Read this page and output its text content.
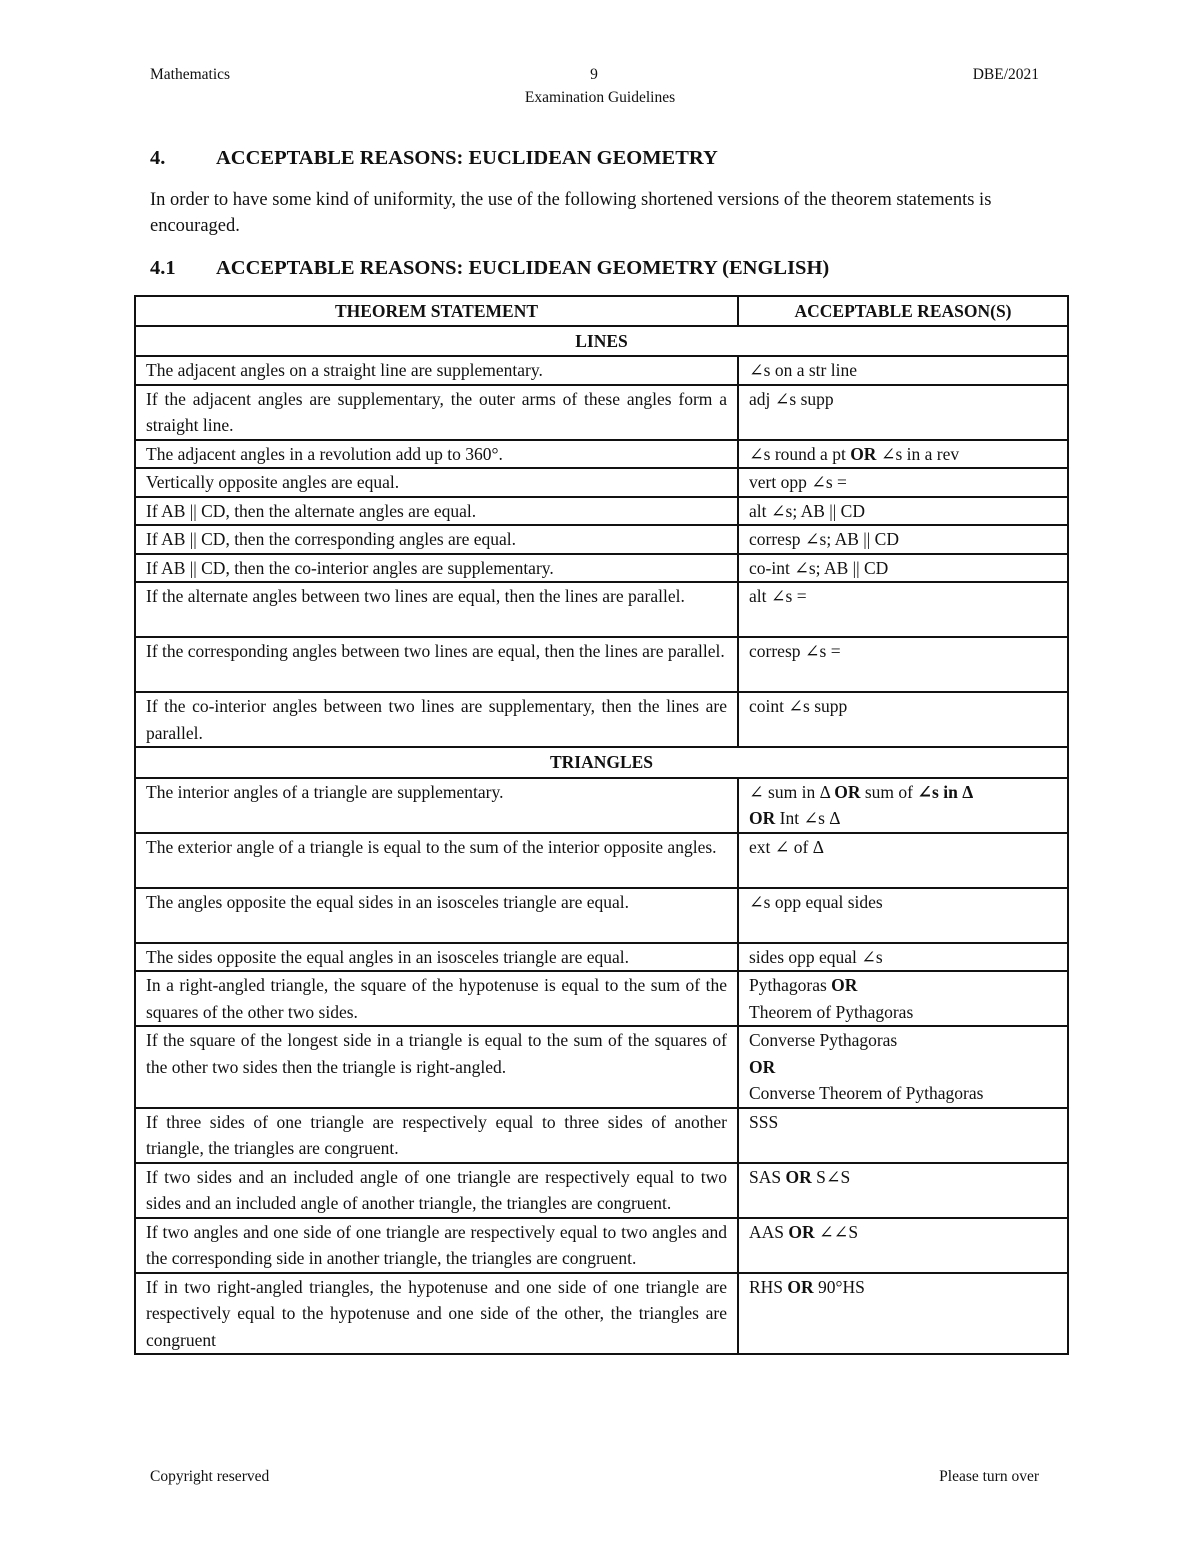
Mathematics	9	DBE/2021
Examination Guidelines
4. ACCEPTABLE REASONS: EUCLIDEAN GEOMETRY
In order to have some kind of uniformity, the use of the following shortened versions of the theorem statements is encouraged.
4.1 ACCEPTABLE REASONS: EUCLIDEAN GEOMETRY (ENGLISH)
THEOREM STATEMENT	ACCEPTABLE REASON(S)
LINES	
The adjacent angles on a straight line are supplementary.	∠s on a str line
If the adjacent angles are supplementary, the outer arms of these angles form a straight line.	adj ∠s supp
The adjacent angles in a revolution add up to 360°.	∠s round a pt OR ∠s in a rev
Vertically opposite angles are equal.	vert opp ∠s =
If AB || CD, then the alternate angles are equal.	alt ∠s; AB || CD
If AB || CD, then the corresponding angles are equal.	corresp ∠s; AB || CD
If AB || CD, then the co-interior angles are supplementary.	co-int ∠s; AB || CD
If the alternate angles between two lines are equal, then the lines are parallel.	alt ∠s =
If the corresponding angles between two lines are equal, then the lines are parallel.	corresp ∠s =
If the co-interior angles between two lines are supplementary, then the lines are parallel.	coint ∠s supp
TRIANGLES	
The interior angles of a triangle are supplementary.	∠ sum in Δ OR sum of ∠s in Δ
OR Int ∠s Δ
The exterior angle of a triangle is equal to the sum of the interior opposite angles.	ext ∠ of Δ
The angles opposite the equal sides in an isosceles triangle are equal.	∠s opp equal sides
The sides opposite the equal angles in an isosceles triangle are equal.	sides opp equal ∠s
In a right-angled triangle, the square of the hypotenuse is equal to the sum of the squares of the other two sides.	Pythagoras OR
Theorem of Pythagoras
If the square of the longest side in a triangle is equal to the sum of the squares of the other two sides then the triangle is right-angled.	Converse Pythagoras
OR
Converse Theorem of Pythagoras
If three sides of one triangle are respectively equal to three sides of another triangle, the triangles are congruent.	SSS
If two sides and an included angle of one triangle are respectively equal to two sides and an included angle of another triangle, the triangles are congruent.	SAS OR S∠S
If two angles and one side of one triangle are respectively equal to two angles and the corresponding side in another triangle, the triangles are congruent.	AAS OR ∠∠S
If in two right-angled triangles, the hypotenuse and one side of one triangle are respectively equal to the hypotenuse and one side of the other, the triangles are congruent	RHS OR 90°HS
Copyright reserved	Please turn over
